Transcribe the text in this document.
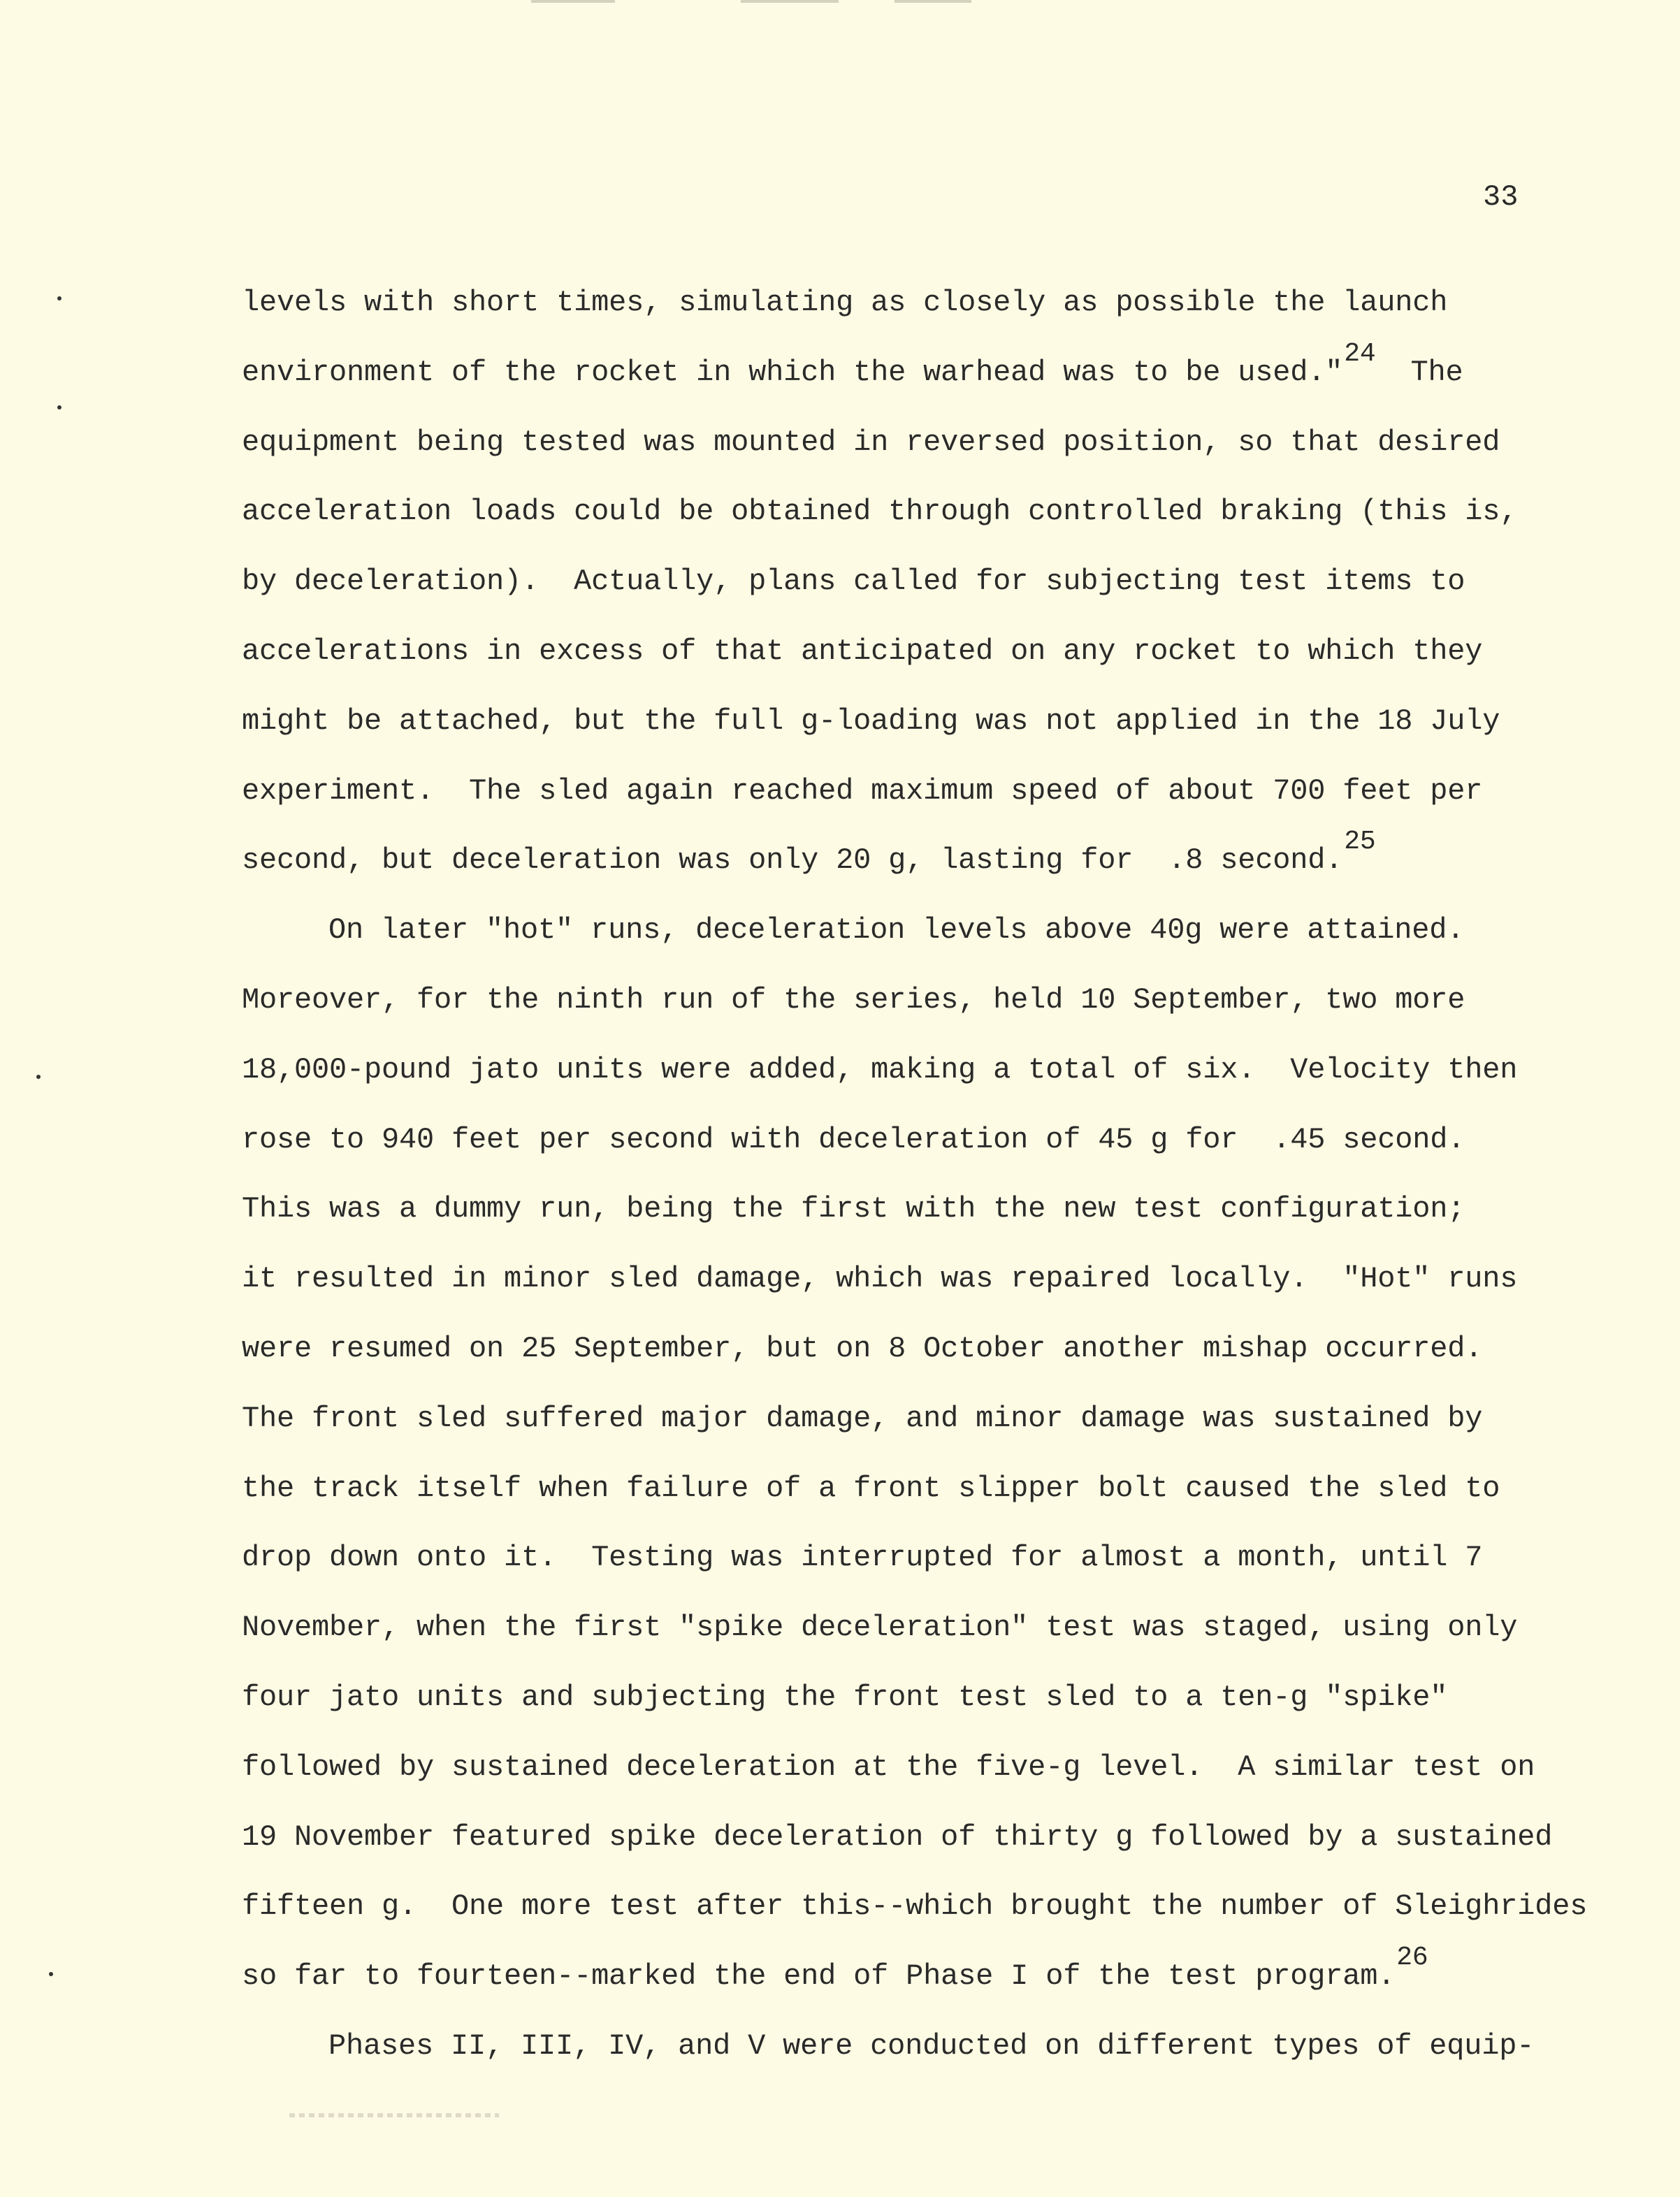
33
levels with short times, simulating as closely as possible the launch
environment of the rocket in which the warhead was to be used."24  The
equipment being tested was mounted in reversed position, so that desired
acceleration loads could be obtained through controlled braking (this is,
by deceleration).  Actually, plans called for subjecting test items to
accelerations in excess of that anticipated on any rocket to which they
might be attached, but the full g-loading was not applied in the 18 July
experiment.  The sled again reached maximum speed of about 700 feet per
second, but deceleration was only 20 g, lasting for  .8 second.25
On later "hot" runs, deceleration levels above 40g were attained.
Moreover, for the ninth run of the series, held 10 September, two more
18,000-pound jato units were added, making a total of six.  Velocity then
rose to 940 feet per second with deceleration of 45 g for  .45 second.
This was a dummy run, being the first with the new test configuration;
it resulted in minor sled damage, which was repaired locally.  "Hot" runs
were resumed on 25 September, but on 8 October another mishap occurred.
The front sled suffered major damage, and minor damage was sustained by
the track itself when failure of a front slipper bolt caused the sled to
drop down onto it.  Testing was interrupted for almost a month, until 7
November, when the first "spike deceleration" test was staged, using only
four jato units and subjecting the front test sled to a ten-g "spike"
followed by sustained deceleration at the five-g level.  A similar test on
19 November featured spike deceleration of thirty g followed by a sustained
fifteen g.  One more test after this--which brought the number of Sleighrides
so far to fourteen--marked the end of Phase I of the test program.26
Phases II, III, IV, and V were conducted on different types of equip-
